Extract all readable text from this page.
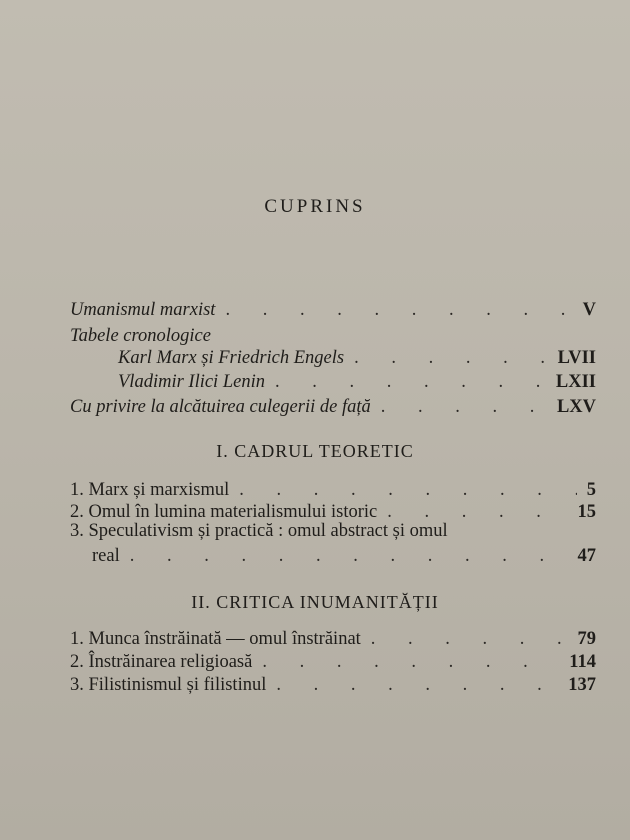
CUPRINS
Umanismul marxist . . .	V
Tabele cronologice
Karl Marx și Friedrich Engels . . .	LVII
Vladimir Ilici Lenin . . .	LXII
Cu privire la alcătuirea culegerii de față . . .	LXV
I. CADRUL TEORETIC
1. Marx și marxismul . . .	5
2. Omul în lumina materialismului istoric . . .	15
3. Speculativism și practică : omul abstract și omul
real . . .	47
II. CRITICA INUMANITĂȚII
1. Munca înstrăinată — omul înstrăinat . . .	79
2. Înstrăinarea religioasă . . .	114
3. Filistinismul și filistinul . . .	137
